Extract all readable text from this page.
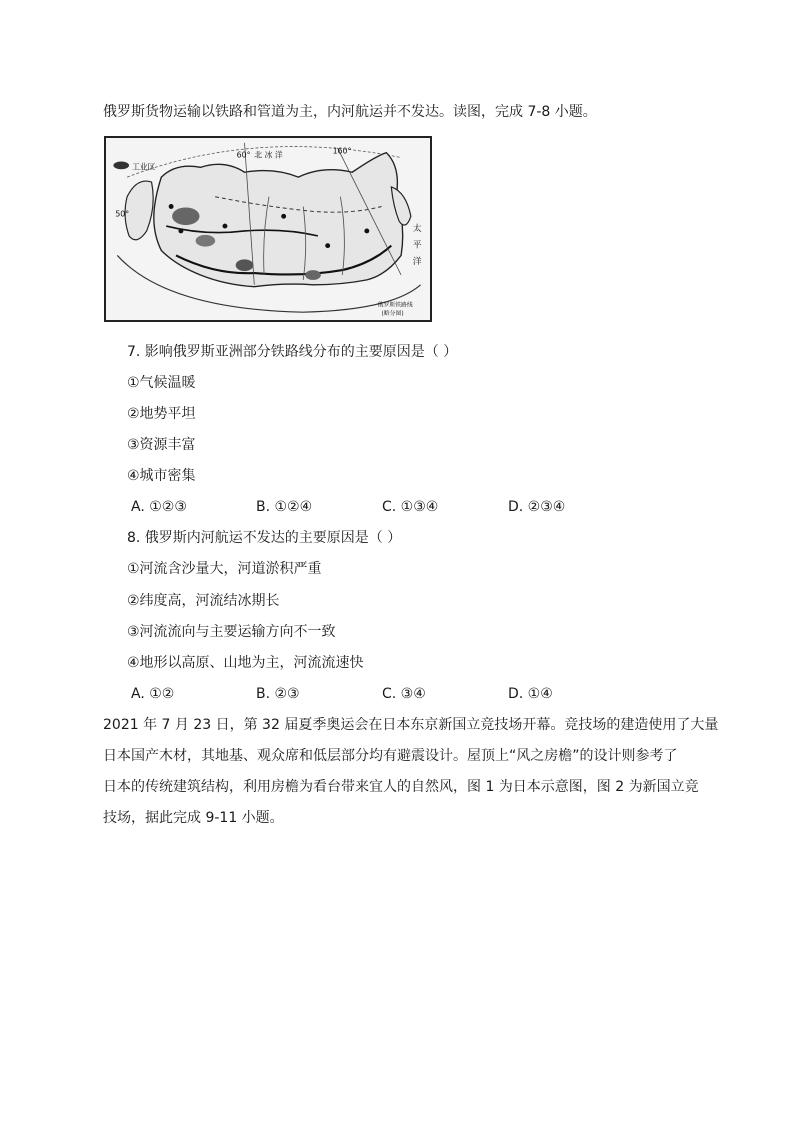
俄罗斯货物运输以铁路和管道为主，内河航运并不发达。读图，完成 7-8 小题。
工业区
60° 北 冰 洋	160°
50°
太
平
洋
俄罗斯铁路线
(略分图)
7. 影响俄罗斯亚洲部分铁路线分布的主要原因是（ ）
①气候温暖
②地势平坦
③资源丰富
④城市密集
A. ①②③	B. ①②④	C. ①③④	D. ②③④
8. 俄罗斯内河航运不发达的主要原因是（ ）
①河流含沙量大，河道淤积严重
②纬度高，河流结冰期长
③河流流向与主要运输方向不一致
④地形以高原、山地为主，河流流速快
A. ①②	B. ②③	C. ③④	D. ①④
2021 年 7 月 23 日，第 32 届夏季奥运会在日本东京新国立竞技场开幕。竞技场的建造使用了大量
日本国产木材，其地基、观众席和低层部分均有避震设计。屋顶上“风之房檐”的设计则参考了
日本的传统建筑结构，利用房檐为看台带来宜人的自然风，图 1 为日本示意图，图 2 为新国立竞
技场，据此完成 9-11 小题。
